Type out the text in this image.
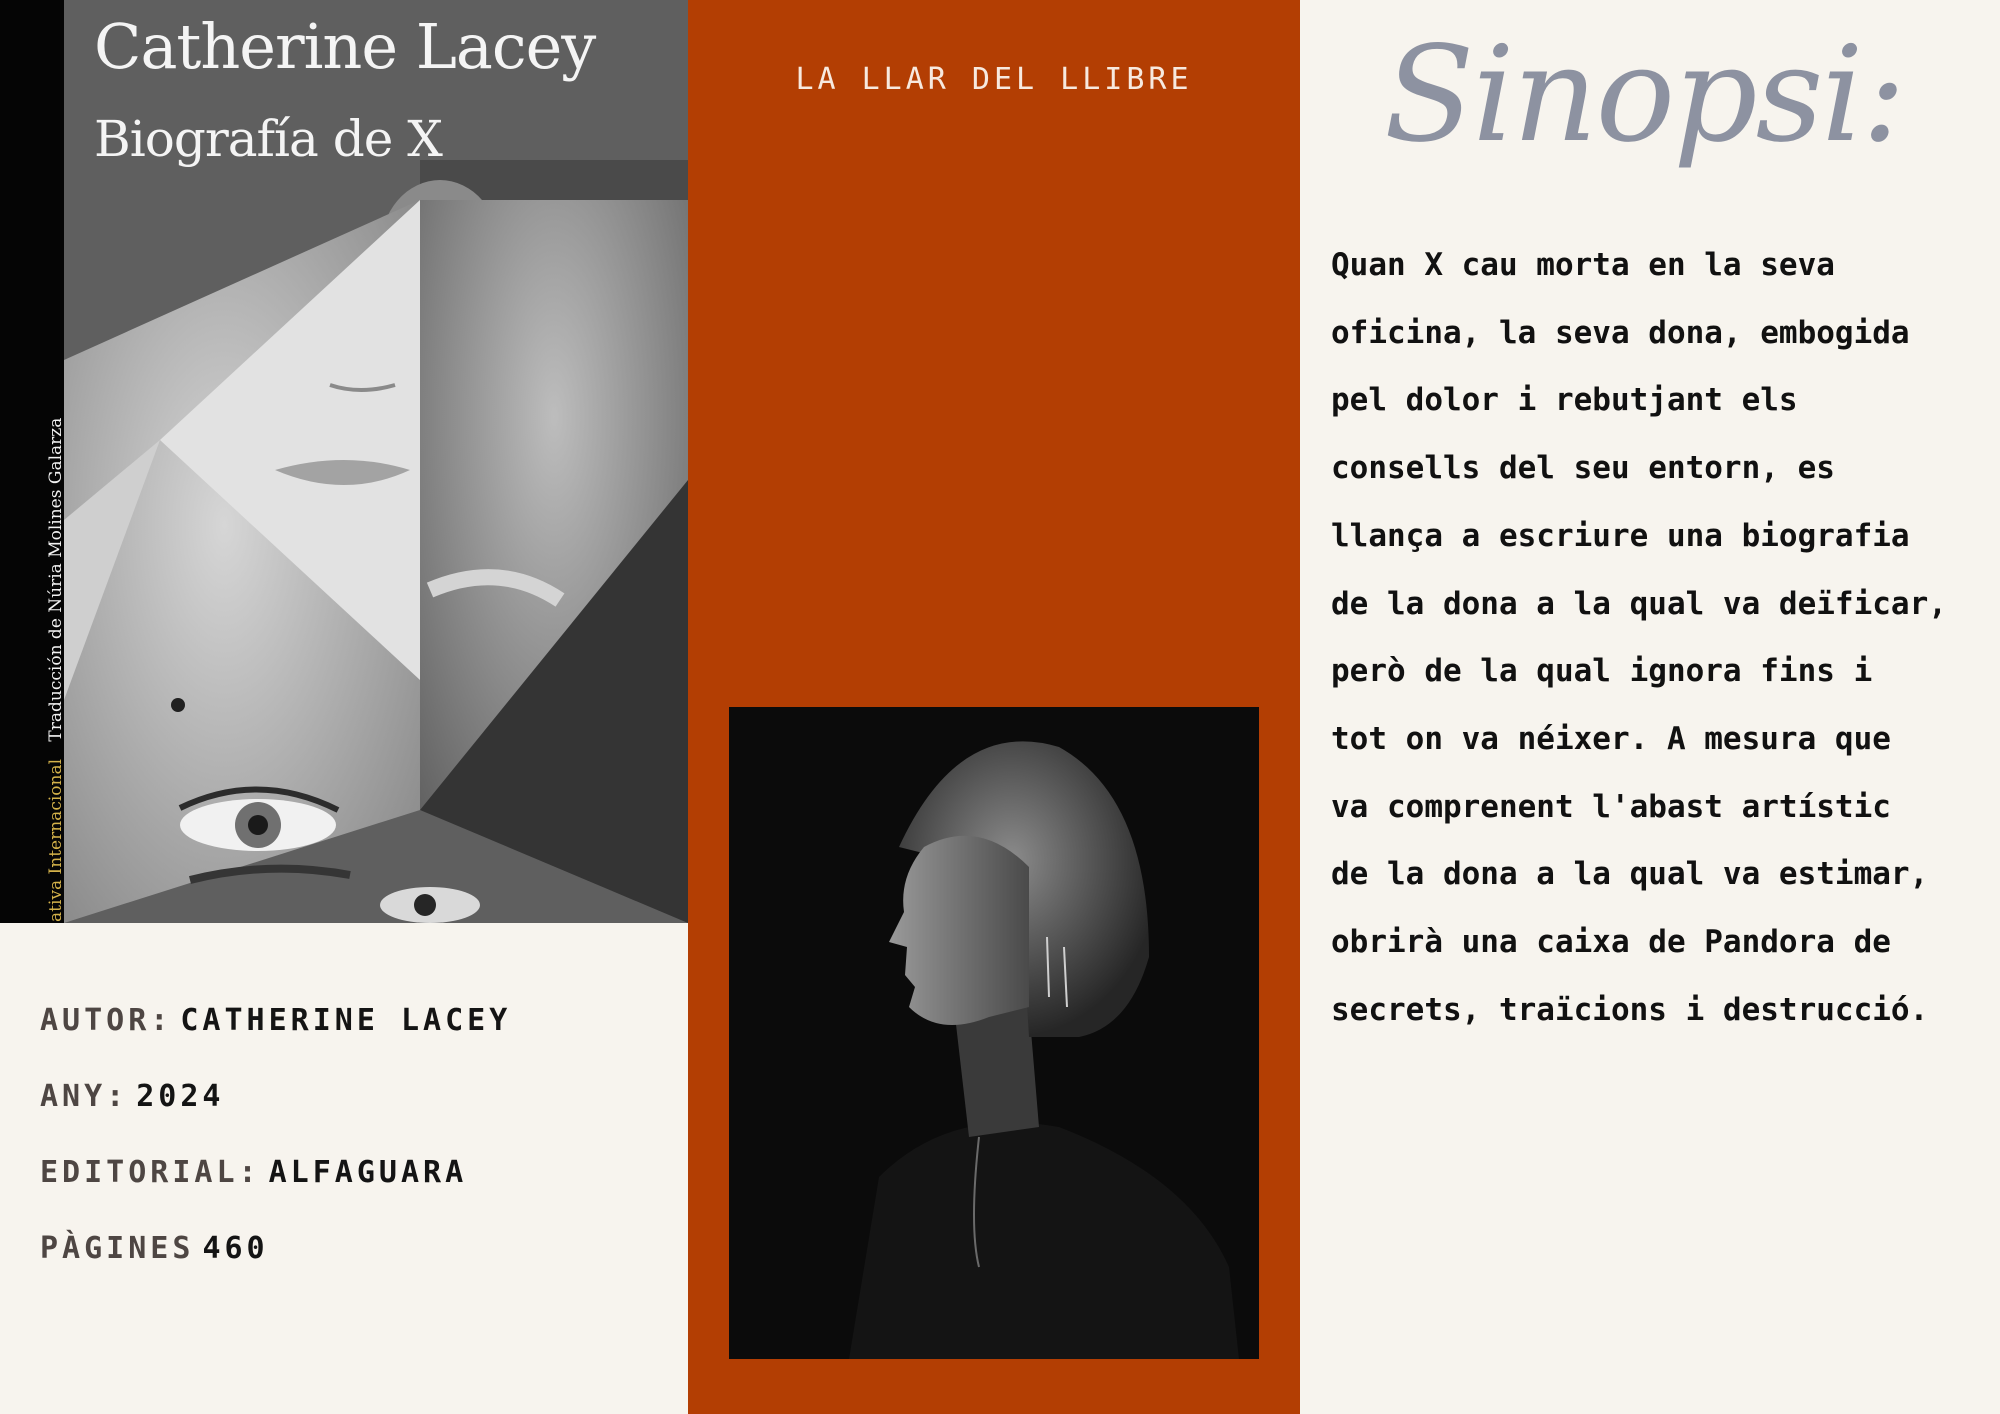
ativa Internacional Traducción de Núria Molines Galarza
Catherine Lacey
Biografía de X
AUTOR: CATHERINE LACEY
ANY: 2024
EDITORIAL: ALFAGUARA
PÀGINES 460
LA LLAR DEL LLIBRE	Sinopsi:
Quan X cau morta en la seva
oficina, la seva dona, embogida
pel dolor i rebutjant els
consells del seu entorn, es
llança a escriure una biografia
de la dona a la qual va deïficar,
però de la qual ignora fins i
tot on va néixer. A mesura que
va comprenent l'abast artístic
de la dona a la qual va estimar,
obrirà una caixa de Pandora de
secrets, traïcions i destrucció.
